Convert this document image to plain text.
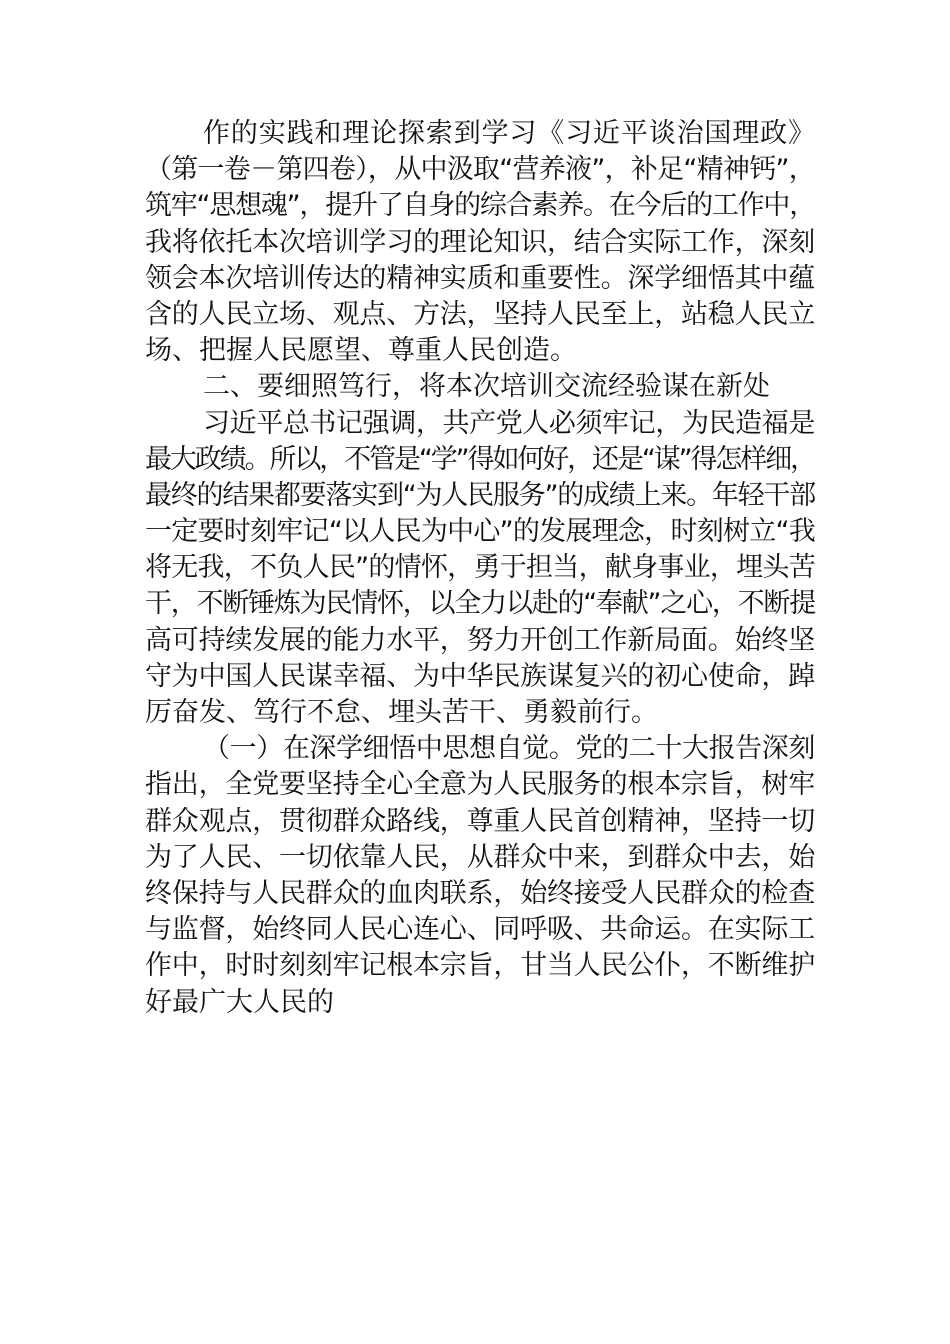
作的实践和理论探索到学习《习近平谈治国理政》
（第一卷－第四卷），从中汲取“营养液”，补足“精神钙”，
筑牢“思想魂”，提升了自身的综合素养。在今后的工作中，
我将依托本次培训学习的理论知识，结合实际工作，深刻
领会本次培训传达的精神实质和重要性。深学细悟其中蕴
含的人民立场、观点、方法，坚持人民至上，站稳人民立
场、把握人民愿望、尊重人民创造。
二、要细照笃行，将本次培训交流经验谋在新处
习近平总书记强调，共产党人必须牢记，为民造福是
最大政绩。所以，不管是“学”得如何好，还是“谋”得怎样细，
最终的结果都要落实到“为人民服务”的成绩上来。年轻干部
一定要时刻牢记“以人民为中心”的发展理念，时刻树立“我
将无我，不负人民”的情怀，勇于担当，献身事业，埋头苦
干，不断锤炼为民情怀，以全力以赴的“奉献”之心，不断提
高可持续发展的能力水平，努力开创工作新局面。始终坚
守为中国人民谋幸福、为中华民族谋复兴的初心使命，踔
厉奋发、笃行不怠、埋头苦干、勇毅前行。
（一）在深学细悟中思想自觉。党的二十大报告深刻
指出，全党要坚持全心全意为人民服务的根本宗旨，树牢
群众观点，贯彻群众路线，尊重人民首创精神，坚持一切
为了人民、一切依靠人民，从群众中来，到群众中去，始
终保持与人民群众的血肉联系，始终接受人民群众的检查
与监督，始终同人民心连心、同呼吸、共命运。在实际工
作中，时时刻刻牢记根本宗旨，甘当人民公仆，不断维护
好最广大人民的
